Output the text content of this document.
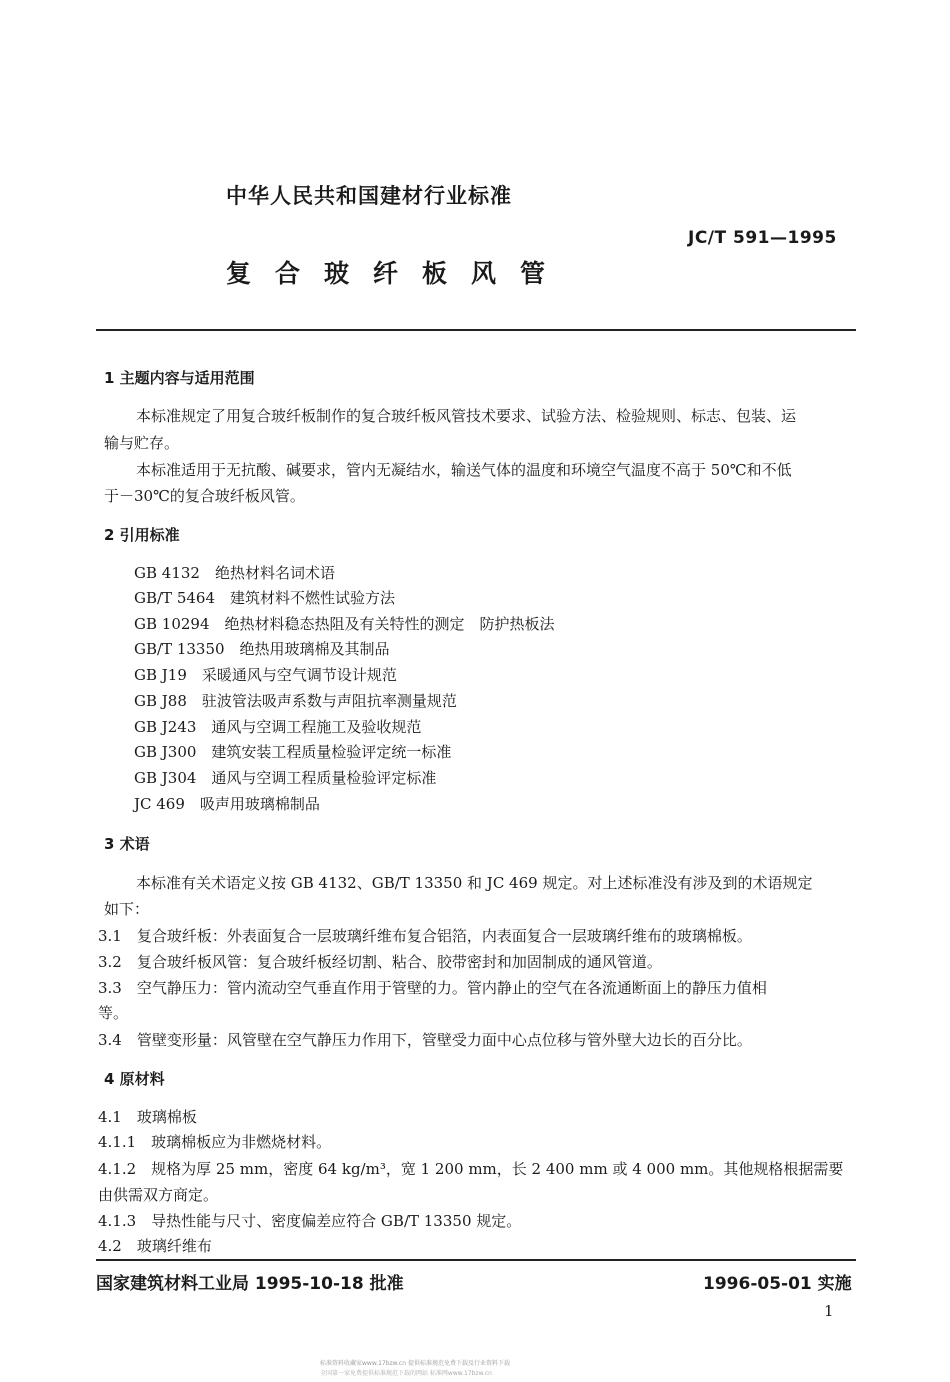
中华人民共和国建材行业标准
JC/T 591—1995
复合玻纤板风管
1 主题内容与适用范围
本标准规定了用复合玻纤板制作的复合玻纤板风管技术要求、试验方法、检验规则、标志、包装、运
输与贮存。
本标准适用于无抗酸、碱要求，管内无凝结水，输送气体的温度和环境空气温度不高于 50℃和不低
于－30℃的复合玻纤板风管。
2 引用标准
GB 4132　绝热材料名词术语
GB/T 5464　建筑材料不燃性试验方法
GB 10294　绝热材料稳态热阻及有关特性的测定　防护热板法
GB/T 13350　绝热用玻璃棉及其制品
GB J19　采暖通风与空气调节设计规范
GB J88　驻波管法吸声系数与声阻抗率测量规范
GB J243　通风与空调工程施工及验收规范
GB J300　建筑安装工程质量检验评定统一标准
GB J304　通风与空调工程质量检验评定标准
JC 469　吸声用玻璃棉制品
3 术语
本标准有关术语定义按 GB 4132、GB/T 13350 和 JC 469 规定。对上述标准没有涉及到的术语规定
如下：
3.1　复合玻纤板：外表面复合一层玻璃纤维布复合铝箔，内表面复合一层玻璃纤维布的玻璃棉板。
3.2　复合玻纤板风管：复合玻纤板经切割、粘合、胶带密封和加固制成的通风管道。
3.3　空气静压力：管内流动空气垂直作用于管壁的力。管内静止的空气在各流通断面上的静压力值相
等。
3.4　管壁变形量：风管壁在空气静压力作用下，管壁受力面中心点位移与管外壁大边长的百分比。
4 原材料
4.1　玻璃棉板
4.1.1　玻璃棉板应为非燃烧材料。
4.1.2　规格为厚 25 mm，密度 64 kg/m³，宽 1 200 mm，长 2 400 mm 或 4 000 mm。其他规格根据需要
由供需双方商定。
4.1.3　导热性能与尺寸、密度偏差应符合 GB/T 13350 规定。
4.2　玻璃纤维布
国家建筑材料工业局 1995-10-18 批准	1996-05-01 实施
1
标准资料收藏家www.17bzw.cn 提供标准规范免费下载及行业资料下载
全国第一家免费提供标准规范下载的网站 标准网www.17bzw.cn
